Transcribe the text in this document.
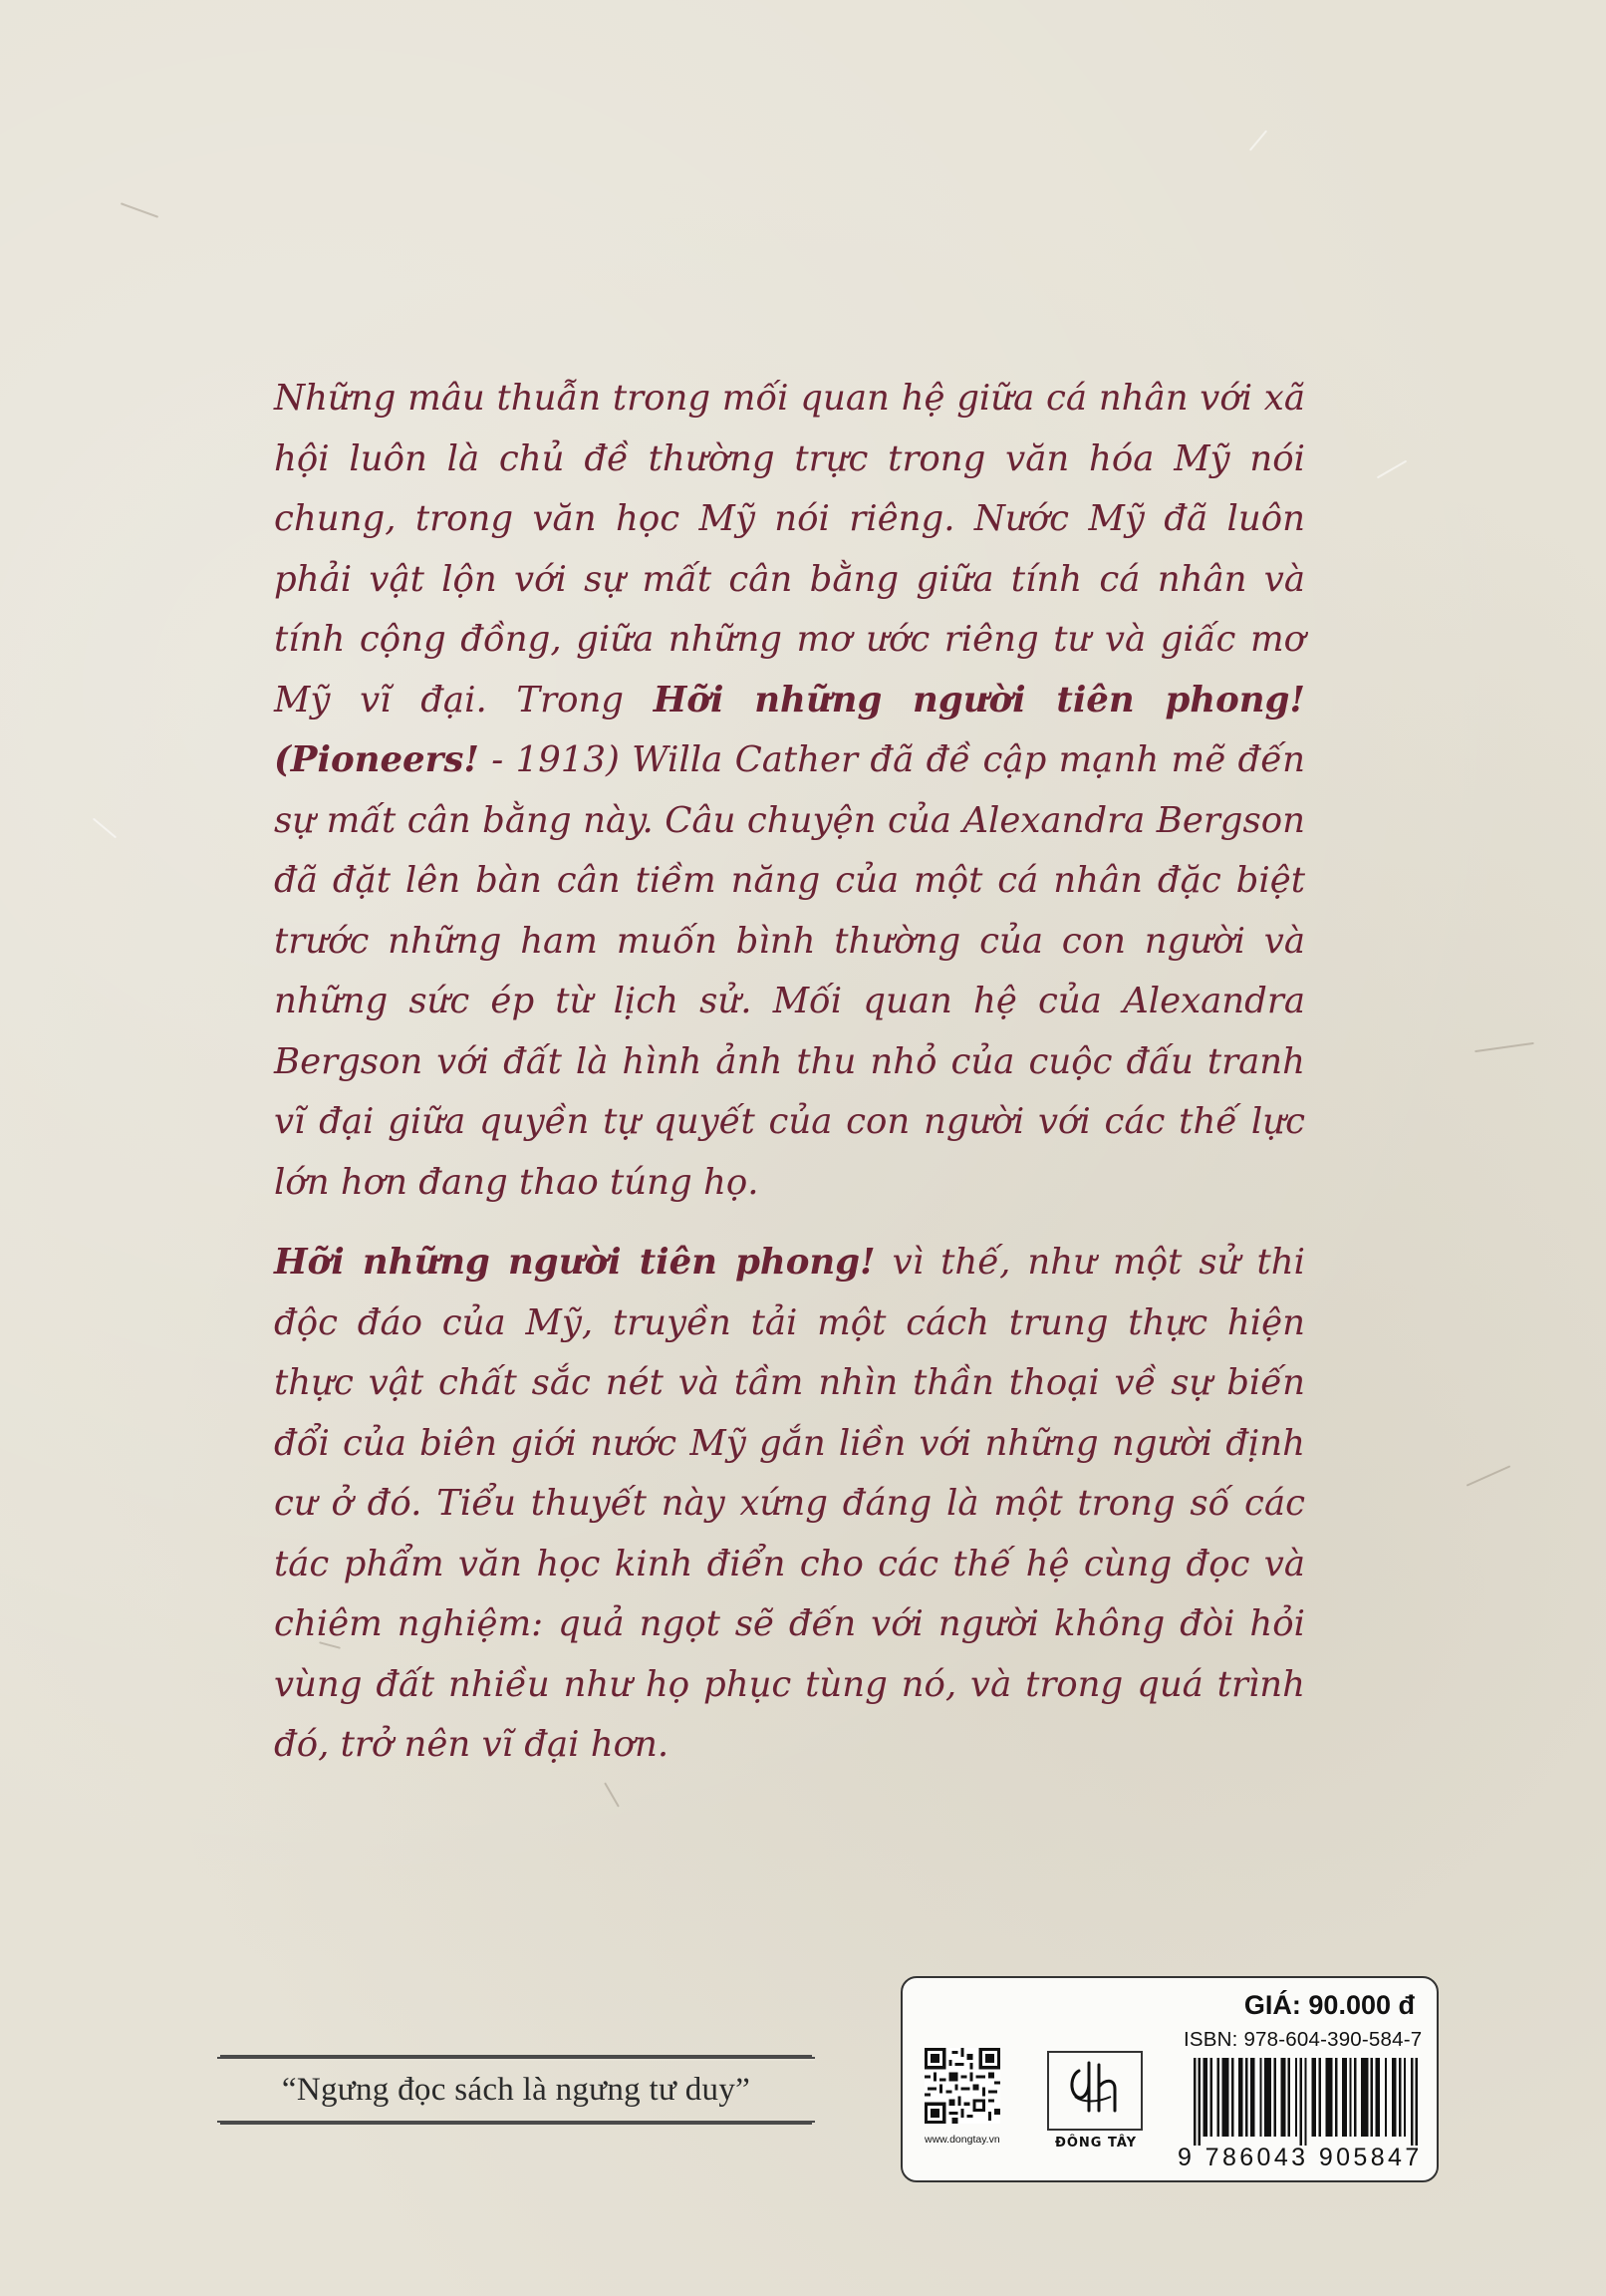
Những mâu thuẫn trong mối quan hệ giữa cá nhân với xã hội luôn là chủ đề thường trực trong văn hóa Mỹ nói chung, trong văn học Mỹ nói riêng. Nước Mỹ đã luôn phải vật lộn với sự mất cân bằng giữa tính cá nhân và tính cộng đồng, giữa những mơ ước riêng tư và giấc mơ Mỹ vĩ đại. Trong Hỡi những người tiên phong! (Pioneers! - 1913) Willa Cather đã đề cập mạnh mẽ đến sự mất cân bằng này. Câu chuyện của Alexandra Bergson đã đặt lên bàn cân tiềm năng của một cá nhân đặc biệt trước những ham muốn bình thường của con người và những sức ép từ lịch sử. Mối quan hệ của Alexandra Bergson với đất là hình ảnh thu nhỏ của cuộc đấu tranh vĩ đại giữa quyền tự quyết của con người với các thế lực lớn hơn đang thao túng họ.

Hỡi những người tiên phong! vì thế, như một sử thi độc đáo của Mỹ, truyền tải một cách trung thực hiện thực vật chất sắc nét và tầm nhìn thần thoại về sự biến đổi của biên giới nước Mỹ gắn liền với những người định cư ở đó. Tiểu thuyết này xứng đáng là một trong số các tác phẩm văn học kinh điển cho các thế hệ cùng đọc và chiêm nghiệm: quả ngọt sẽ đến với người không đòi hỏi vùng đất nhiều như họ phục tùng nó, và trong quá trình đó, trở nên vĩ đại hơn.

“Ngưng đọc sách là ngưng tư duy”
GIÁ: 90.000 đ
ISBN: 978-604-390-584-7
www.dongtay.vn	ĐÔNG TÂY
9 786043 905847
